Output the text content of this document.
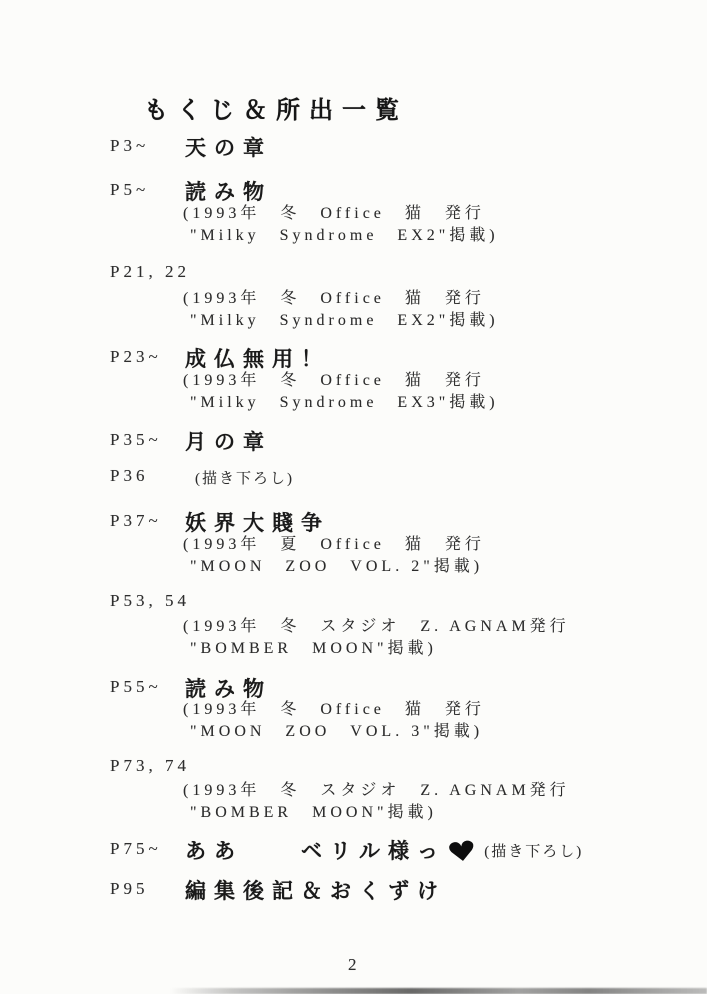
もくじ＆所出一覧
P3~ 天の章
P5~ 読み物
(1993年　冬　Office　猫　発行
"Milky　Syndrome　EX2"掲載)
P21, 22
(1993年　冬　Office　猫　発行
"Milky　Syndrome　EX2"掲載)
P23~ 成仏無用！
(1993年　冬　Office　猫　発行
"Milky　Syndrome　EX3"掲載)
P35~ 月の章
P36	(描き下ろし)
P37~ 妖界大賤争
(1993年　夏　Office　猫　発行
"MOON　ZOO　VOL. 2"掲載)
P53, 54
(1993年　冬　スタジオ　Z. AGNAM発行
"BOMBER　MOON"掲載)
P55~ 読み物
(1993年　冬　Office　猫　発行
"MOON　ZOO　VOL. 3"掲載)
P73, 74
(1993年　冬　スタジオ　Z. AGNAM発行
"BOMBER　MOON"掲載)
P75~ ああ　　ベリル様っ♥ (描き下ろし)
P95 編集後記＆おくずけ
2
